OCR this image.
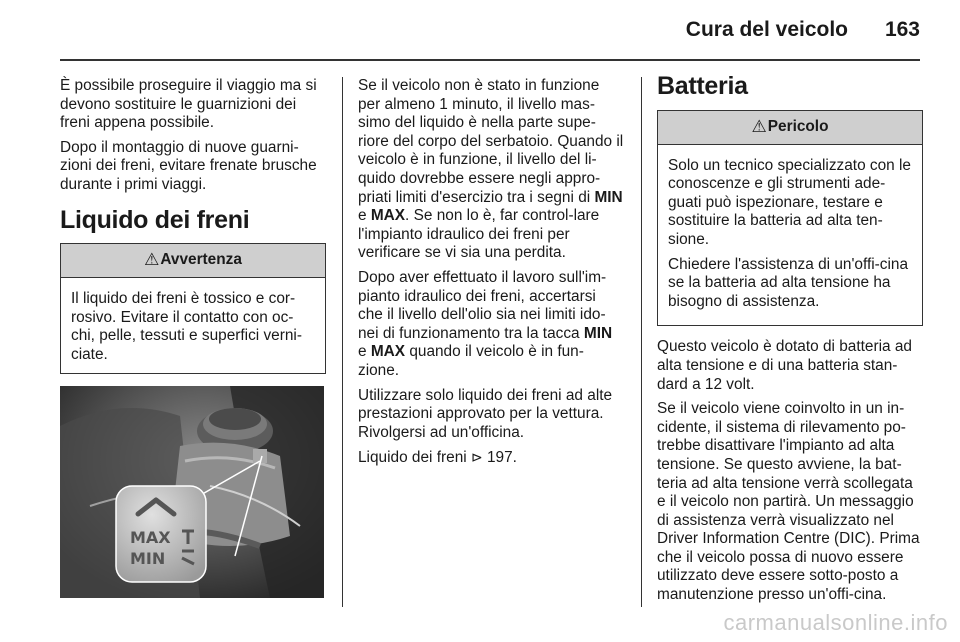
Cura del veicolo 163

È possibile proseguire il viaggio ma si devono sostituire le guarnizioni dei freni appena possibile.

Dopo il montaggio di nuove guarni-zioni dei freni, evitare frenate brusche durante i primi viaggi.

Liquido dei freni
⚠ Avvertenza
Il liquido dei freni è tossico e cor-rosivo. Evitare il contatto con oc-chi, pelle, tessuti e superfici verni-ciate.
MAX
MIN

Se il veicolo non è stato in funzione per almeno 1 minuto, il livello mas-simo del liquido è nella parte supe-riore del corpo del serbatoio. Quando il veicolo è in funzione, il livello del li-quido dovrebbe essere negli appro-priati limiti d'esercizio tra i segni di MIN e MAX. Se non lo è, far control-lare l'impianto idraulico dei freni per verificare se vi sia una perdita.

Dopo aver effettuato il lavoro sull'im-pianto idraulico dei freni, accertarsi che il livello dell'olio sia nei limiti ido-nei di funzionamento tra la tacca MIN e MAX quando il veicolo è in fun-zione.

Utilizzare solo liquido dei freni ad alte prestazioni approvato per la vettura. Rivolgersi ad un'officina.

Liquido dei freni ⊳ 197.

Batteria
⚠ Pericolo

Solo un tecnico specializzato con le conoscenze e gli strumenti ade-guati può ispezionare, testare e sostituire la batteria ad alta ten-sione.

Chiedere l'assistenza di un'offi-cina se la batteria ad alta tensione ha bisogno di assistenza.

Questo veicolo è dotato di batteria ad alta tensione e di una batteria stan-dard a 12 volt.

Se il veicolo viene coinvolto in un in-cidente, il sistema di rilevamento po-trebbe disattivare l'impianto ad alta tensione. Se questo avviene, la bat-teria ad alta tensione verrà scollegata e il veicolo non partirà. Un messaggio di assistenza verrà visualizzato nel Driver Information Centre (DIC). Prima che il veicolo possa di nuovo essere utilizzato deve essere sotto-posto a manutenzione presso un'offi-cina.

carmanualsonline.info
